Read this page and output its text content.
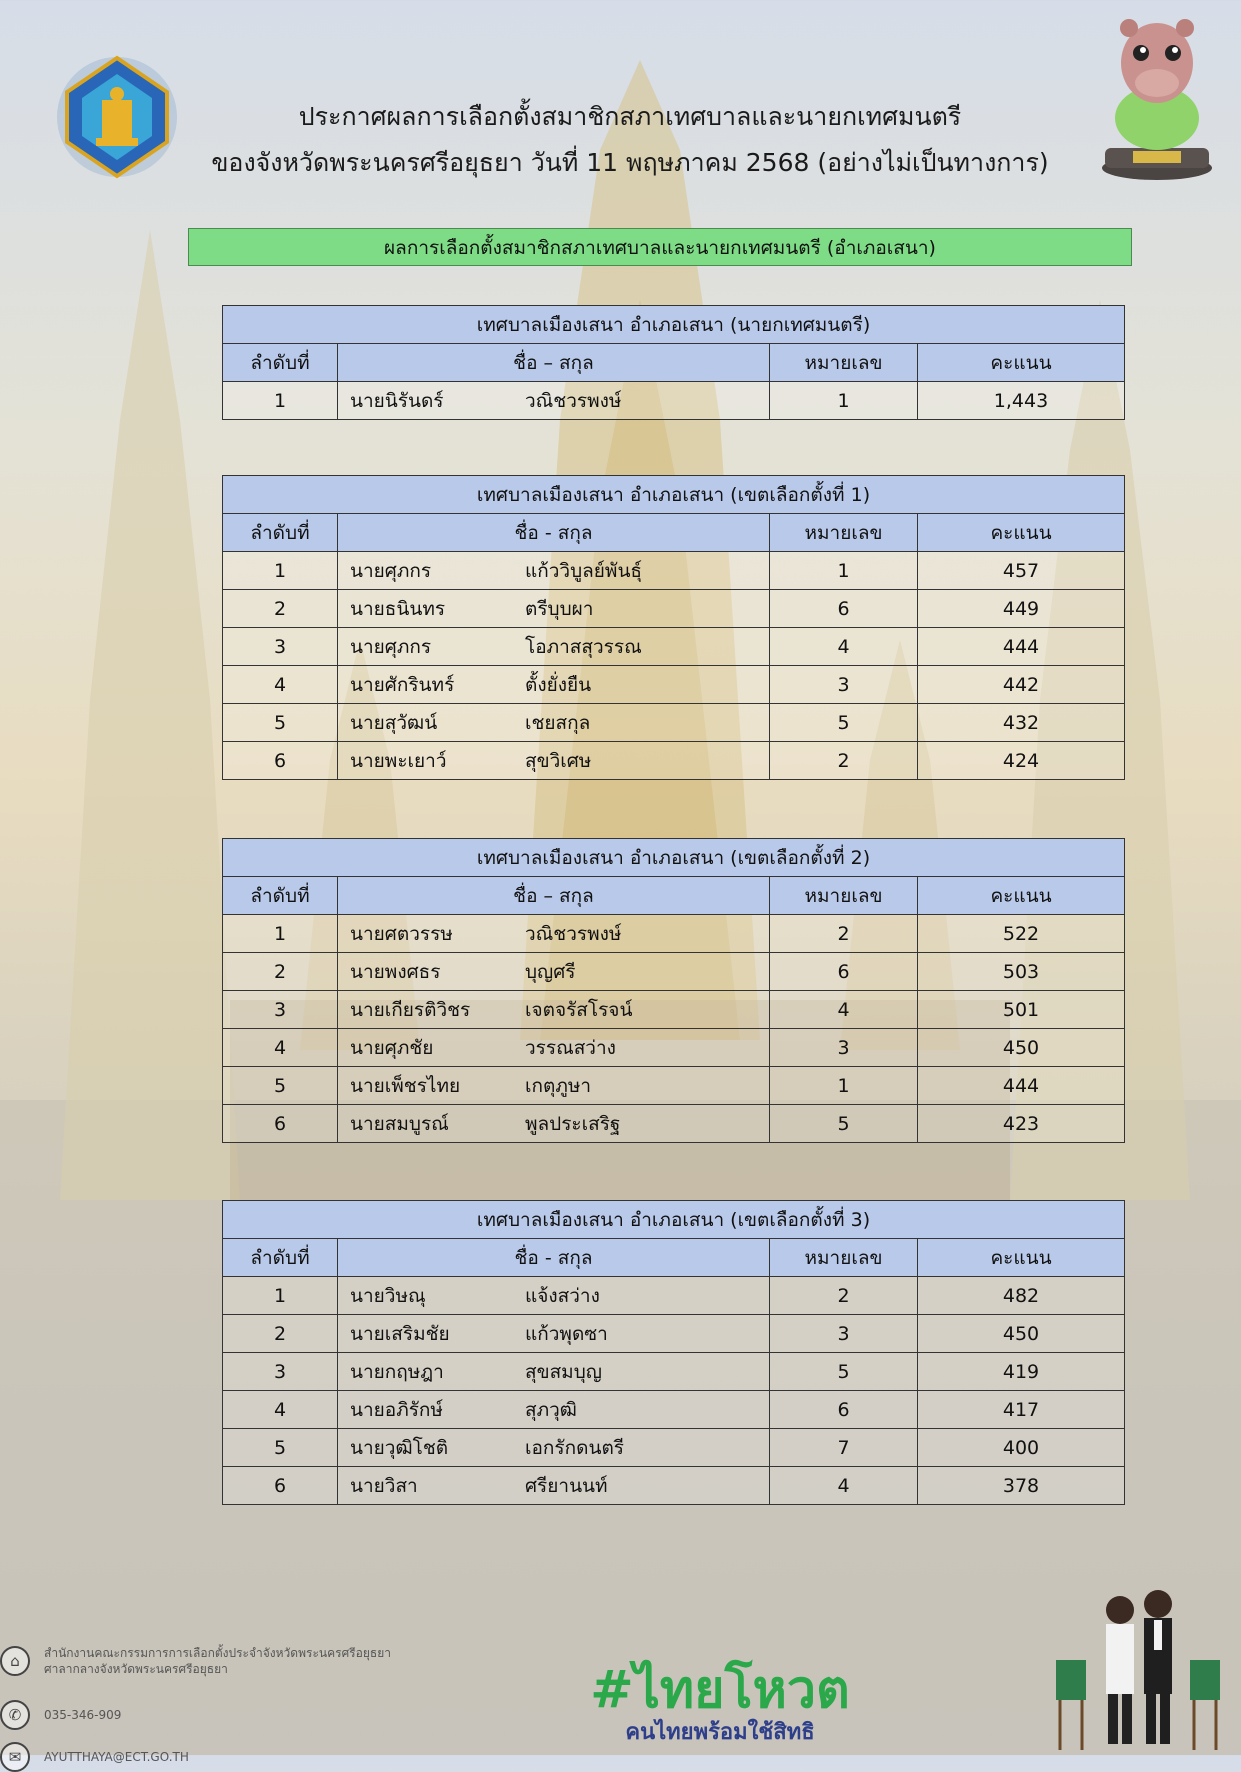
ประกาศผลการเลือกตั้งสมาชิกสภาเทศบาลและนายกเทศมนตรี
ของจังหวัดพระนครศรีอยุธยา วันที่ 11 พฤษภาคม 2568 (อย่างไม่เป็นทางการ)
ผลการเลือกตั้งสมาชิกสภาเทศบาลและนายกเทศมนตรี (อำเภอเสนา)
เทศบาลเมืองเสนา อำเภอเสนา (นายกเทศมนตรี)			
ลำดับที่	ชื่อ – สกุล	หมายเลข	คะแนน
1	นายนิรันดร์ วณิชวรพงษ์	1	1,443
เทศบาลเมืองเสนา อำเภอเสนา (เขตเลือกตั้งที่ 1)			
ลำดับที่	ชื่อ - สกุล	หมายเลข	คะแนน
1	นายศุภกร แก้ววิบูลย์พันธุ์	1	457
2	นายธนินทร ตรีบุบผา	6	449
3	นายศุภกร โอภาสสุวรรณ	4	444
4	นายศักรินทร์ ตั้งยั่งยืน	3	442
5	นายสุวัฒน์ เชยสกุล	5	432
6	นายพะเยาว์ สุขวิเศษ	2	424
เทศบาลเมืองเสนา อำเภอเสนา (เขตเลือกตั้งที่ 2)			
ลำดับที่	ชื่อ – สกุล	หมายเลข	คะแนน
1	นายศตวรรษ วณิชวรพงษ์	2	522
2	นายพงศธร บุญศรี	6	503
3	นายเกียรติวิชร เจตจรัสโรจน์	4	501
4	นายศุภชัย วรรณสว่าง	3	450
5	นายเพ็ชรไทย เกตุภูษา	1	444
6	นายสมบูรณ์ พูลประเสริฐ	5	423
เทศบาลเมืองเสนา อำเภอเสนา (เขตเลือกตั้งที่ 3)			
ลำดับที่	ชื่อ - สกุล	หมายเลข	คะแนน
1	นายวิษณุ แจ้งสว่าง	2	482
2	นายเสริมชัย แก้วพุดซา	3	450
3	นายกฤษฎา สุขสมบุญ	5	419
4	นายอภิรักษ์ สุภวุฒิ	6	417
5	นายวุฒิโชติ เอกรักดนตรี	7	400
6	นายวิสา ศรียานนท์	4	378
⌂	สำนักงานคณะกรรมการการเลือกตั้งประจำจังหวัดพระนครศรีอยุธยา
ศาลากลางจังหวัดพระนครศรีอยุธยา
✆	035-346-909
✉	AYUTTHAYA@ECT.GO.TH
#ไทยโหวต
คนไทยพร้อมใช้สิทธิ
